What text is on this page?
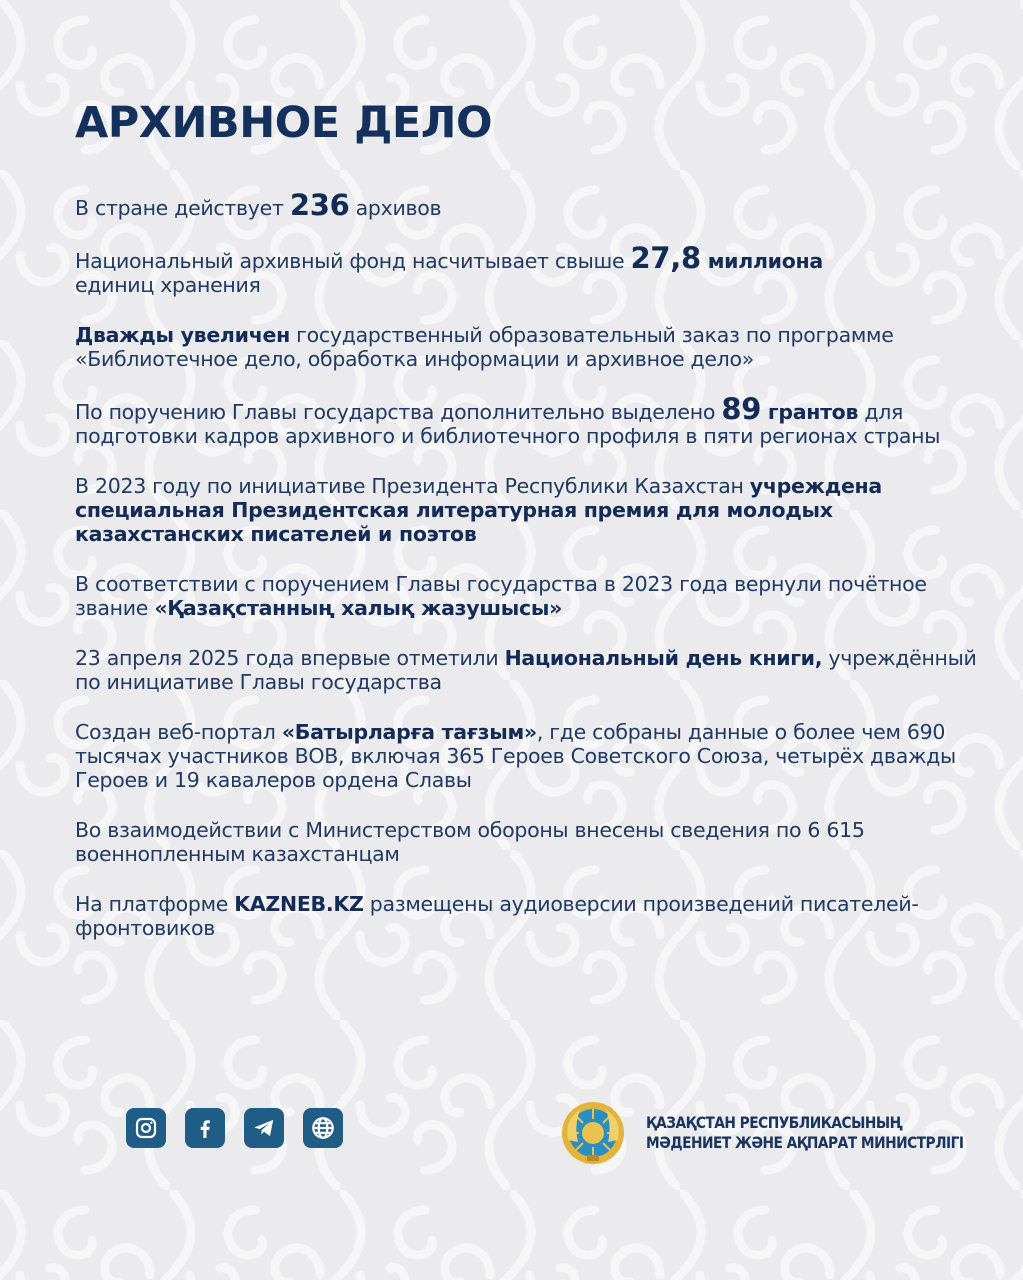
АРХИВНОЕ ДЕЛО

В стране действует 236 архивов

Национальный архивный фонд насчитывает свыше 27,8 миллиона
единиц хранения

Дважды увеличен государственный образовательный заказ по программе «Библиотечное дело, обработка информации и архивное дело»

По поручению Главы государства дополнительно выделено 89 грантов для подготовки кадров архивного и библиотечного профиля в пяти регионах страны

В 2023 году по инициативе Президента Республики Казахстан учреждена специальная Президентская литературная премия для молодых казахстанских писателей и поэтов

В соответствии с поручением Главы государства в 2023 года вернули почётное звание «Қазақстанның халық жазушысы»

23 апреля 2025 года впервые отметили Национальный день книги, учреждённый по инициативе Главы государства

Создан веб-портал «Батырларға тағзым», где собраны данные о более чем 690 тысячах участников ВОВ, включая 365 Героев Советского Союза, четырёх дважды Героев и 19 кавалеров ордена Славы

Во взаимодействии с Министерством обороны внесены сведения по 6 615 военнопленным казахстанцам

На платформе KAZNEB.KZ размещены аудиоверсии произведений писателей-фронтовиков

ҚАЗАҚСТАН РЕСПУБЛИКАСЫНЫҢ
МӘДЕНИЕТ ЖӘНЕ АҚПАРАТ МИНИСТРЛІГІ
